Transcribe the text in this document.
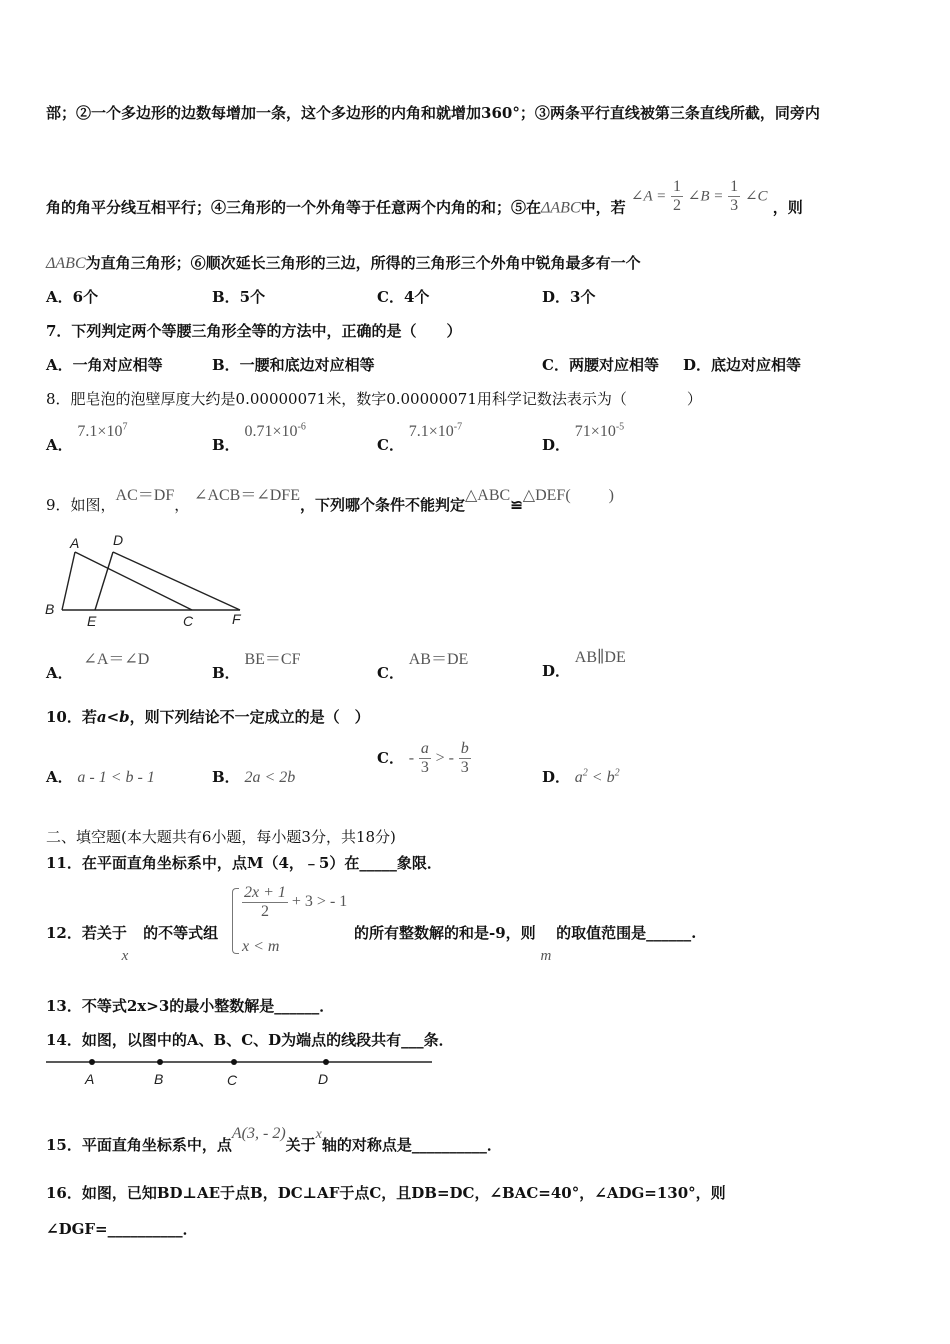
部；②一个多边形的边数每增加一条，这个多边形的内角和就增加360°；③两条平行直线被第三条直线所截，同旁内
角的角平分线互相平行；④三角形的一个外角等于任意两个内角的和；⑤在ΔABC中，若 ∠A = $\frac{1}{2}$ ∠B = $\frac{1}{3}$ ∠C ，则
ΔABC为直角三角形；⑥顺次延长三角形的三边，所得的三角形三个外角中锐角最多有一个
A．6个	B．5个	C．4个	D．3个
7．下列判定两个等腰三角形全等的方法中，正确的是（　　）
A．一角对应相等	B．一腰和底边对应相等	C．两腰对应相等 D．底边对应相等
8．肥皂泡的泡壁厚度大约是0.00000071米，数字0.00000071用科学记数法表示为（　　　　）
A． $7.1\times 10^7$
B． $0.71\times 10^{-6}$
C． $7.1\times 10^{-7}$
D． $71\times 10^{-5}$
9．如图，AC＝DF， ∠ACB＝∠DFE，下列哪个条件不能判定△ABC≌△DEF( )
A D
B
E	C	F
A． ∠A＝∠D
B． BE＝CF
C． AB＝DE
D． AB∥DE
10．若a<b，则下列结论不一定成立的是（　）
A． a - 1 < b - 1	B． 2a < 2b
C． - $\frac{a}{3}$ > - $\frac{b}{3}$	D． $a^2 < b^2$
二、填空题(本大题共有6小题，每小题3分，共18分)
11．在平面直角坐标系中，点M（4，﹣5）在_____象限．
12．若关于 x 的不等式组
$\frac{2x + 1}{2} + 3$ > - 1
x < m
的所有整数解的和是-9，则 m 的取值范围是______.
13．不等式2x>3的最小整数解是______．
14．如图，以图中的A、B、C、D为端点的线段共有___条．
A	B	C	D
15．平面直角坐标系中，点A(3, - 2)关于x轴的对称点是__________．
16．如图，已知BD⊥AE于点B，DC⊥AF于点C，且DB=DC，∠BAC=40°，∠ADG=130°，则
∠DGF=__________．
